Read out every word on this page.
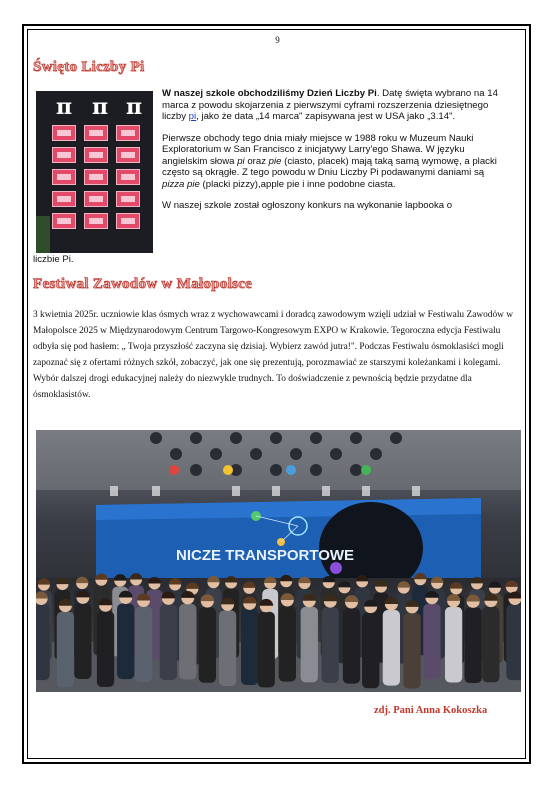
9
Święto Liczby Pi
π π π

W naszej szkole obchodziliśmy Dzień Liczby Pi. Datę święta wybrano na 14 marca z powodu skojarzenia z pierwszymi cyframi rozszerzenia dziesiętnego liczby pi, jako że data „14 marca" zapisywana jest w USA jako „3.14".

Pierwsze obchody tego dnia miały miejsce w 1988 roku w Muzeum Nauki Exploratorium w San Francisco z inicjatywy Larry'ego Shawa. W języku angielskim słowa pi oraz pie (ciasto, placek) mają taką samą wymowę, a placki często są okrągłe. Z tego powodu w Dniu Liczby Pi podawanymi daniami są pizza pie (placki pizzy),apple pie i inne podobne ciasta.

W naszej szkole został ogłoszony konkurs na wykonanie lapbooka o

liczbie Pi.
Festiwal Zawodów w Małopolsce
3 kwietnia 2025r. uczniowie klas ósmych wraz z wychowawcami i doradcą zawodowym wzięli udział w Festiwalu Zawodów w Małopolsce 2025 w Międzynarodowym Centrum Targowo-Kongresowym EXPO w Krakowie. Tegoroczna edycja Festiwalu odbyła się pod hasłem: „ Twoja przyszłość zaczyna się dzisiaj. Wybierz zawód jutra!". Podczas Festiwalu ósmoklasiści mogli zapoznać się z ofertami różnych szkół, zobaczyć, jak one się prezentują, porozmawiać ze starszymi koleżankami i kolegami. Wybór dalszej drogi edukacyjnej należy do niezwykle trudnych. To doświadczenie z pewnością będzie przydatne dla ósmoklasistów.
NICZE TRANSPORTOWE
zdj. Pani Anna Kokoszka
